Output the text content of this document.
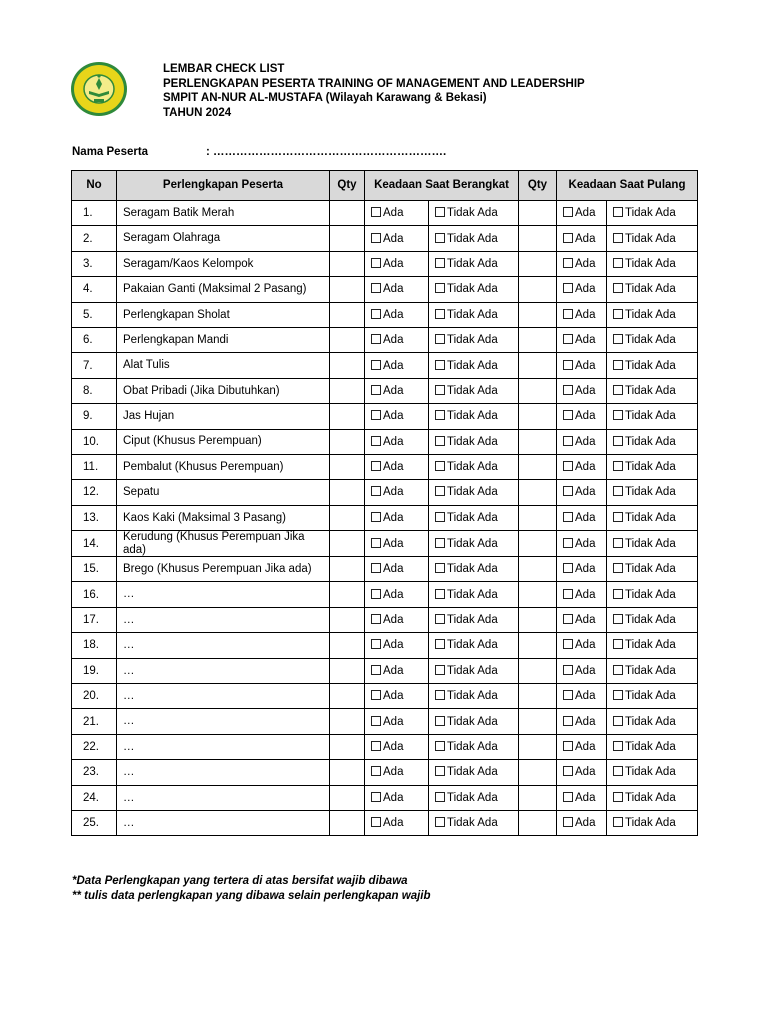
LEMBAR CHECK LIST
PERLENGKAPAN PESERTA TRAINING OF MANAGEMENT AND LEADERSHIP
SMPIT AN-NUR AL-MUSTAFA (Wilayah Karawang & Bekasi)
TAHUN 2024
Nama Peserta	: …………………………………………………….
No	Perlengkapan Peserta	Qty	Keadaan Saat Berangkat		Qty	Keadaan Saat Pulang	
1.	Seragam Batik Merah		Ada	Tidak Ada		Ada	Tidak Ada
2.	Seragam Olahraga		Ada	Tidak Ada		Ada	Tidak Ada
3.	Seragam/Kaos Kelompok		Ada	Tidak Ada		Ada	Tidak Ada
4.	Pakaian Ganti (Maksimal 2 Pasang)		Ada	Tidak Ada		Ada	Tidak Ada
5.	Perlengkapan Sholat		Ada	Tidak Ada		Ada	Tidak Ada
6.	Perlengkapan Mandi		Ada	Tidak Ada		Ada	Tidak Ada
7.	Alat Tulis		Ada	Tidak Ada		Ada	Tidak Ada
8.	Obat Pribadi (Jika Dibutuhkan)		Ada	Tidak Ada		Ada	Tidak Ada
9.	Jas Hujan		Ada	Tidak Ada		Ada	Tidak Ada
10.	Ciput (Khusus Perempuan)		Ada	Tidak Ada		Ada	Tidak Ada
11.	Pembalut (Khusus Perempuan)		Ada	Tidak Ada		Ada	Tidak Ada
12.	Sepatu		Ada	Tidak Ada		Ada	Tidak Ada
13.	Kaos Kaki (Maksimal 3 Pasang)		Ada	Tidak Ada		Ada	Tidak Ada
14.	Kerudung (Khusus Perempuan Jika ada)		Ada	Tidak Ada		Ada	Tidak Ada
15.	Brego (Khusus Perempuan Jika ada)		Ada	Tidak Ada		Ada	Tidak Ada
16.	…		Ada	Tidak Ada		Ada	Tidak Ada
17.	…		Ada	Tidak Ada		Ada	Tidak Ada
18.	…		Ada	Tidak Ada		Ada	Tidak Ada
19.	…		Ada	Tidak Ada		Ada	Tidak Ada
20.	…		Ada	Tidak Ada		Ada	Tidak Ada
21.	…		Ada	Tidak Ada		Ada	Tidak Ada
22.	…		Ada	Tidak Ada		Ada	Tidak Ada
23.	…		Ada	Tidak Ada		Ada	Tidak Ada
24.	…		Ada	Tidak Ada		Ada	Tidak Ada
25.	…		Ada	Tidak Ada		Ada	Tidak Ada
*Data Perlengkapan yang tertera di atas bersifat wajib dibawa
** tulis data perlengkapan yang dibawa selain perlengkapan wajib
